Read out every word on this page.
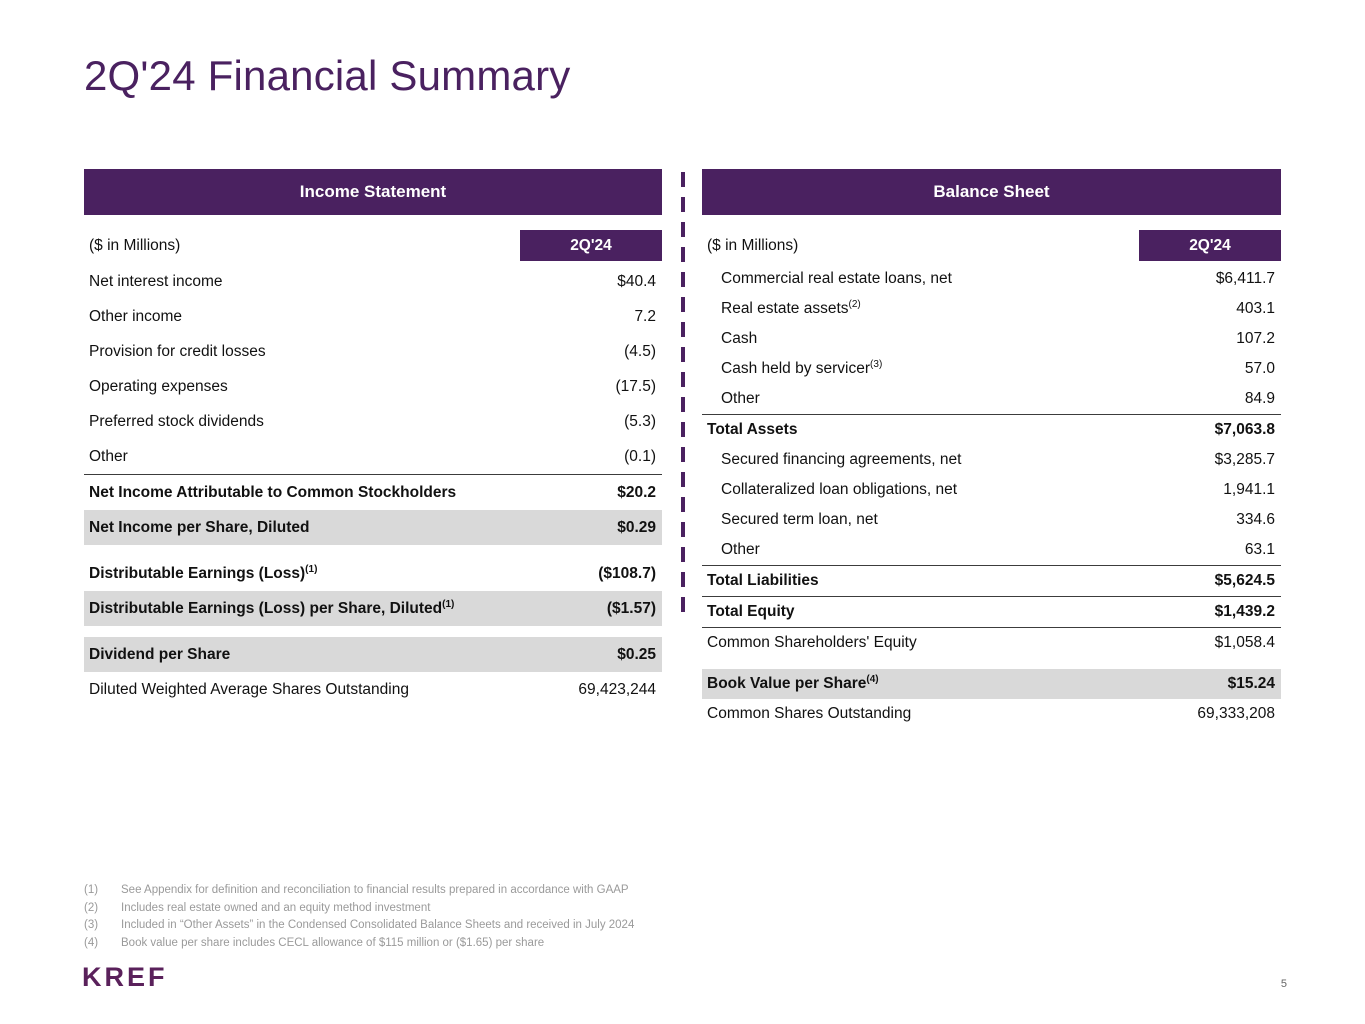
2Q'24 Financial Summary
Income Statement
($ in Millions)	2Q'24
Net interest income	$40.4
Other income	7.2
Provision for credit losses	(4.5)
Operating expenses	(17.5)
Preferred stock dividends	(5.3)
Other	(0.1)
Net Income Attributable to Common Stockholders	$20.2
Net Income per Share, Diluted	$0.29
Distributable Earnings (Loss)$^{(1)}$	($108.7)
Distributable Earnings (Loss) per Share, Diluted$^{(1)}$	($1.57)
Dividend per Share	$0.25
Diluted Weighted Average Shares Outstanding	69,423,244
Balance Sheet
($ in Millions)	2Q'24
Commercial real estate loans, net	$6,411.7
Real estate assets$^{(2)}$	403.1
Cash	107.2
Cash held by servicer$^{(3)}$	57.0
Other	84.9
Total Assets	$7,063.8
Secured financing agreements, net	$3,285.7
Collateralized loan obligations, net	1,941.1
Secured term loan, net	334.6
Other	63.1
Total Liabilities	$5,624.5
Total Equity	$1,439.2
Common Shareholders' Equity	$1,058.4
Book Value per Share$^{(4)}$	$15.24
Common Shares Outstanding	69,333,208
(1)	See Appendix for definition and reconciliation to financial results prepared in accordance with GAAP
(2)	Includes real estate owned and an equity method investment
(3)	Included in “Other Assets” in the Condensed Consolidated Balance Sheets and received in July 2024
(4)	Book value per share includes CECL allowance of $115 million or ($1.65) per share
KREF	5
